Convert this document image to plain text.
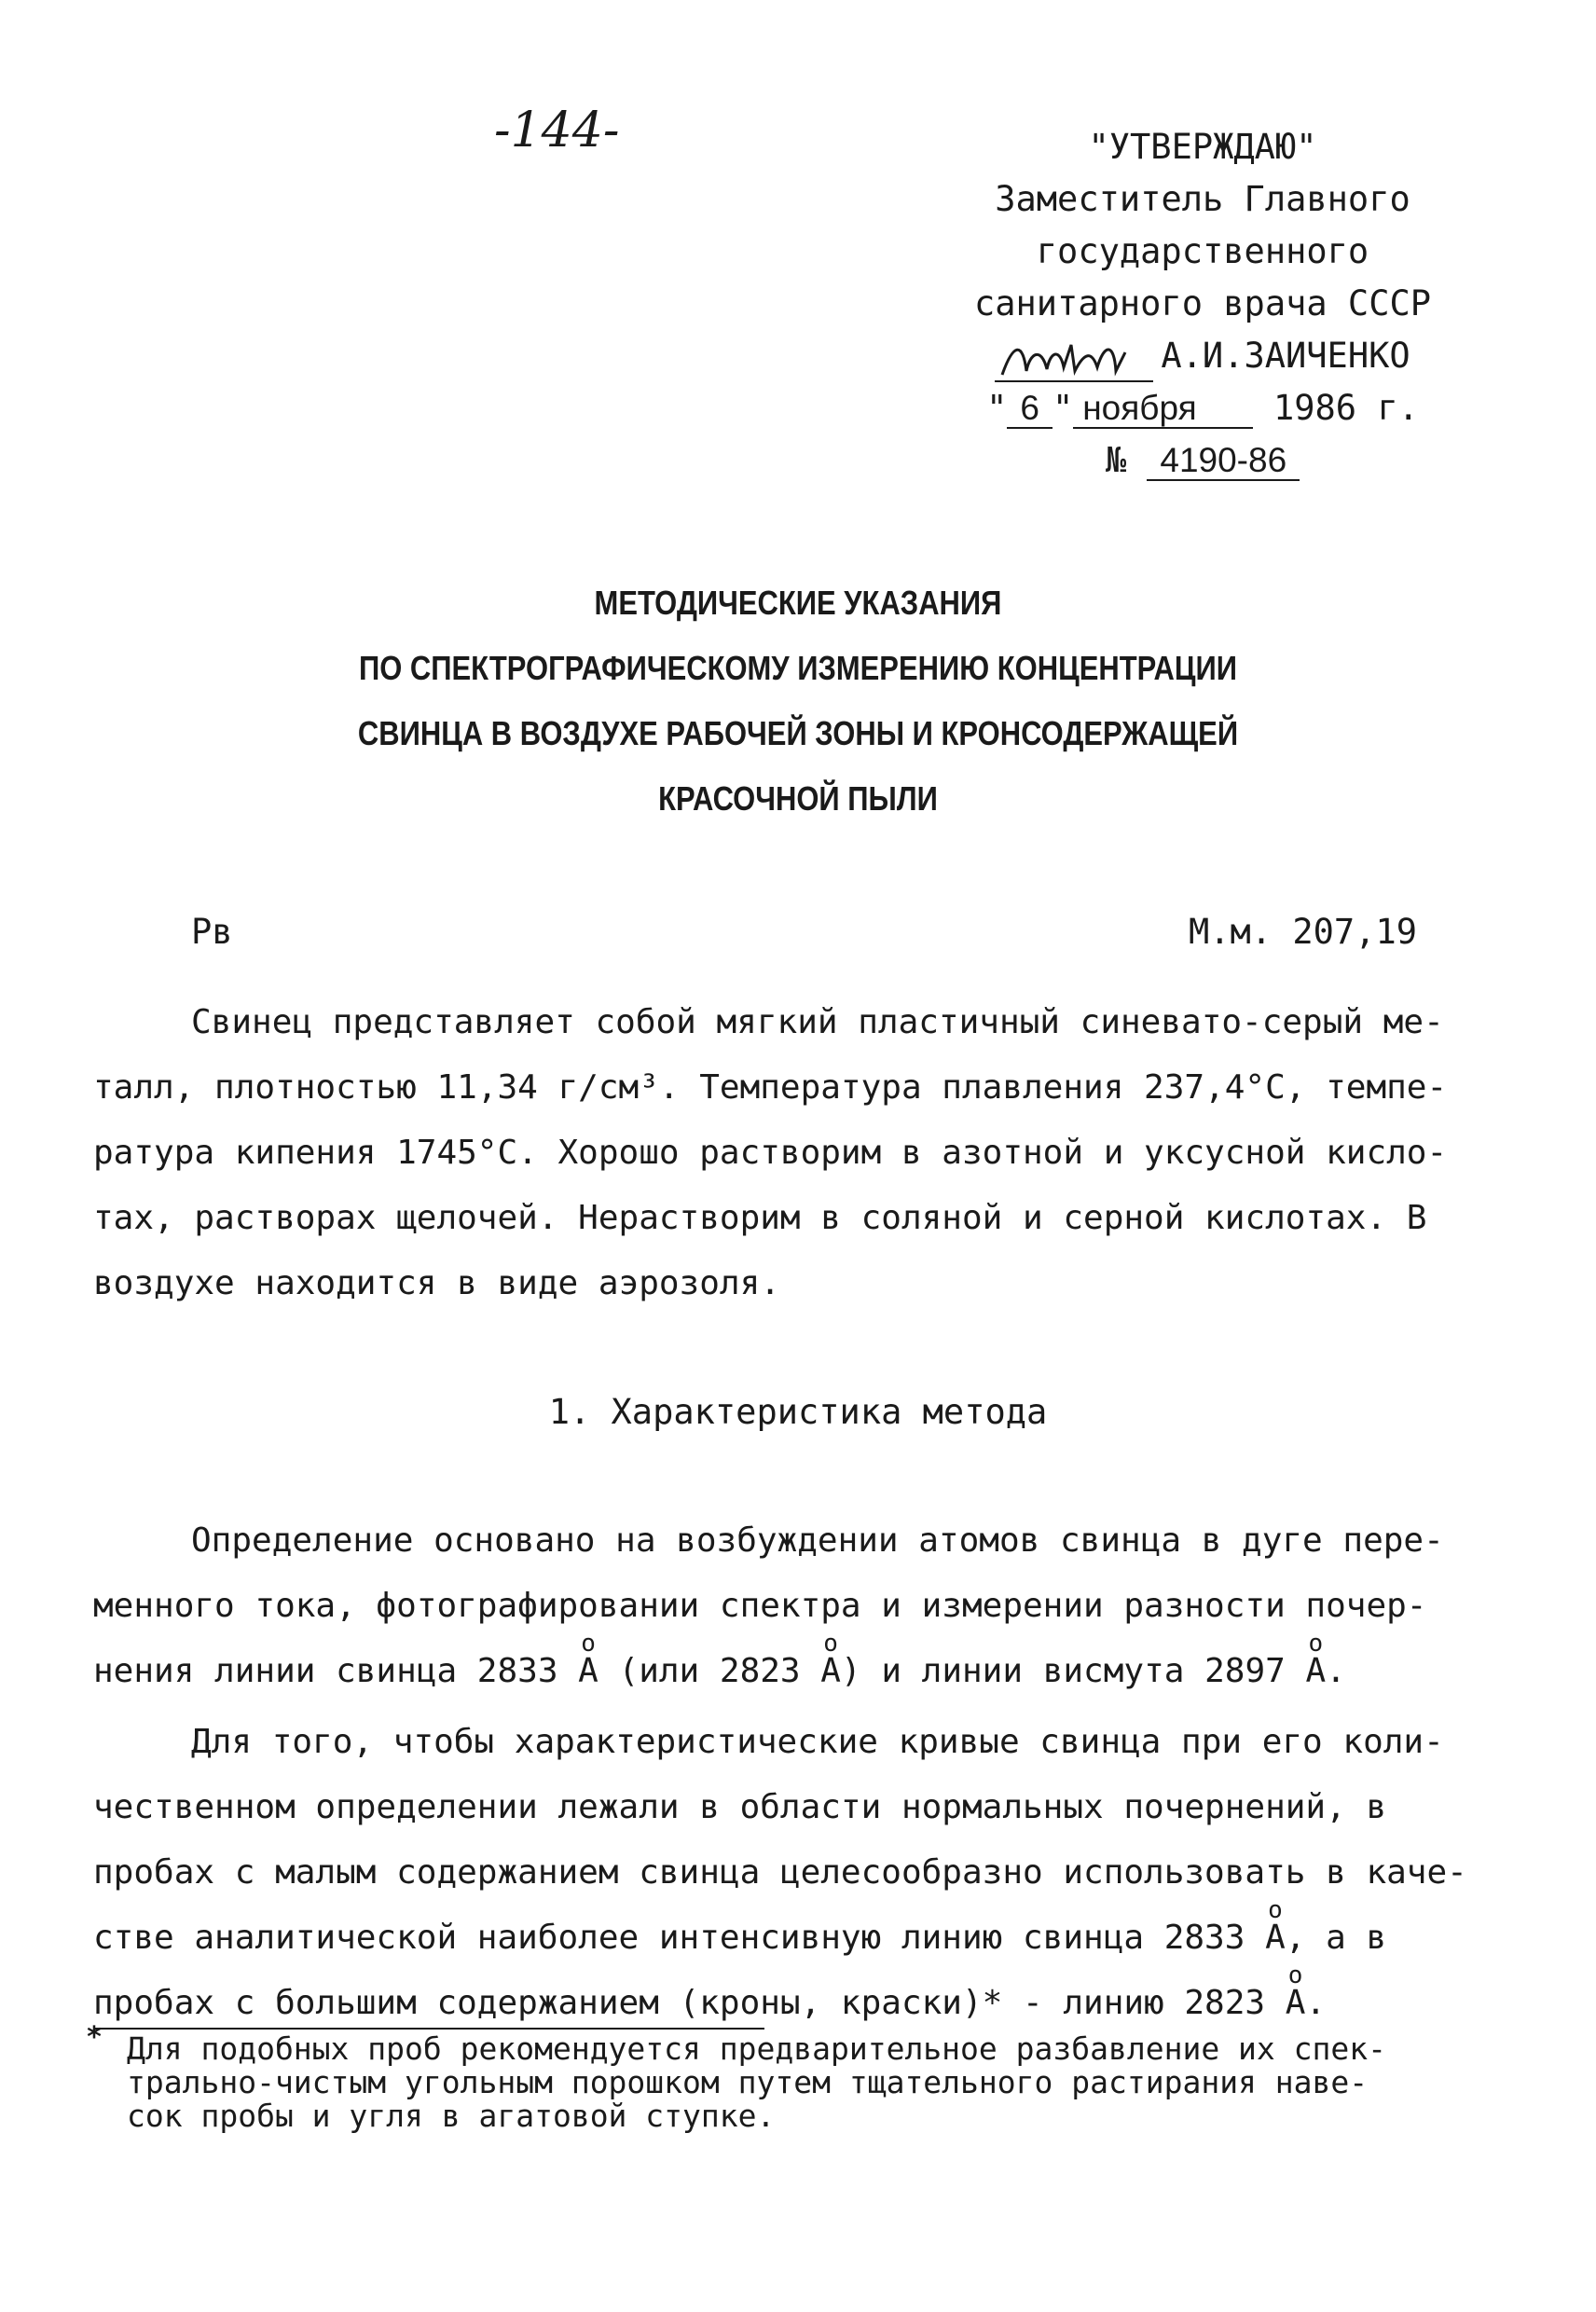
-144-	"УТВЕРЖДАЮ"
Заместитель Главного
государственного
санитарного врача СССР
А.И.ЗАИЧЕНКО
" 6 " ноября 1986 г.
№ 4190-86
МЕТОДИЧЕСКИЕ УКАЗАНИЯ
ПО СПЕКТРОГРАФИЧЕСКОМУ ИЗМЕРЕНИЮ КОНЦЕНТРАЦИИ
СВИНЦА В ВОЗДУХЕ РАБОЧЕЙ ЗОНЫ И КРОНСОДЕРЖАЩЕЙ
КРАСОЧНОЙ ПЫЛИ
Pв	М.м. 207,19
Свинец представляет собой мягкий пластичный синевато-серый ме-
талл, плотностью 11,34 г/см³. Температура плавления 237,4°С, темпе-
ратура кипения 1745°С. Хорошо растворим в азотной и уксусной кисло-
тах, растворах щелочей. Нерастворим в соляной и серной кислотах. В
воздухе находится в виде аэрозоля.
1. Характеристика метода
Определение основано на возбуждении атомов свинца в дуге пере-
менного тока, фотографировании спектра и измерении разности почер-
нения линии свинца 2833 o А (или 2823 o А) и линии висмута 2897 o А.
Для того, чтобы характеристические кривые свинца при его коли-
чественном определении лежали в области нормальных почернений, в
пробах с малым содержанием свинца целесообразно использовать в каче-
стве аналитической наиболее интенсивную линию свинца 2833 o А, а в
пробах с большим содержанием (кроны, краски)* - линию 2823 o А.
* Для подобных проб рекомендуется предварительное разбавление их спек-
трально-чистым угольным порошком путем тщательного растирания наве-
сок пробы и угля в агатовой ступке.
